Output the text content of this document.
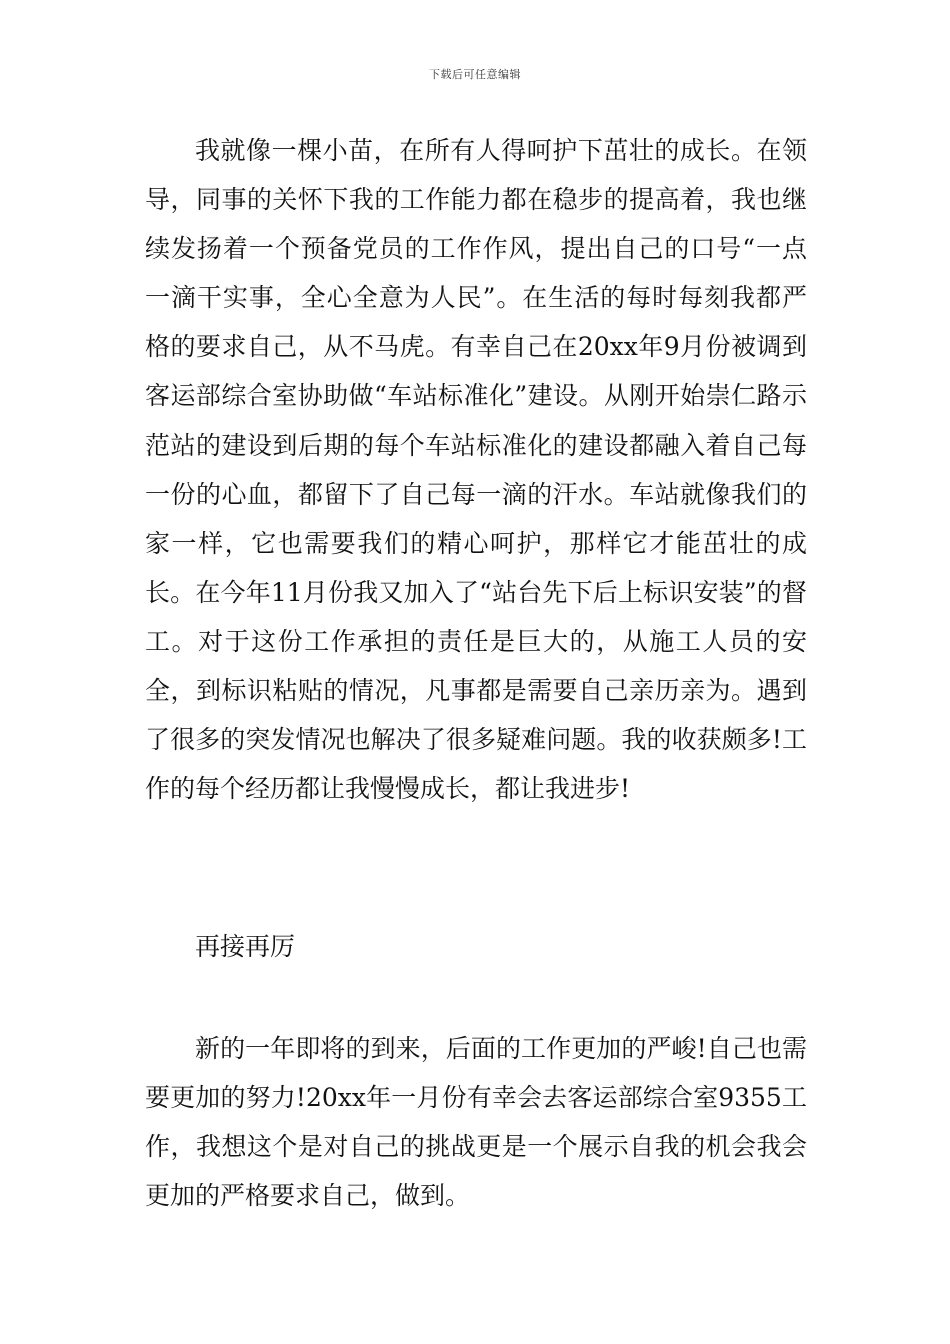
下载后可任意编辑

我就像一棵小苗，在所有人得呵护下茁壮的成长。在领导，同事的关怀下我的工作能力都在稳步的提高着，我也继续发扬着一个预备党员的工作作风，提出自己的口号“一点一滴干实事，全心全意为人民”。在生活的每时每刻我都严格的要求自己，从不马虎。有幸自己在20xx年9月份被调到客运部综合室协助做“车站标准化”建设。从刚开始崇仁路示范站的建设到后期的每个车站标准化的建设都融入着自己每一份的心血，都留下了自己每一滴的汗水。车站就像我们的家一样，它也需要我们的精心呵护，那样它才能茁壮的成长。在今年11月份我又加入了“站台先下后上标识安装”的督工。对于这份工作承担的责任是巨大的，从施工人员的安全，到标识粘贴的情况，凡事都是需要自己亲历亲为。遇到了很多的突发情况也解决了很多疑难问题。我的收获颇多!工作的每个经历都让我慢慢成长，都让我进步!

再接再厉

新的一年即将的到来，后面的工作更加的严峻!自己也需要更加的努力!20xx年一月份有幸会去客运部综合室9355工作，我想这个是对自己的挑战更是一个展示自我的机会我会更加的严格要求自己，做到。
